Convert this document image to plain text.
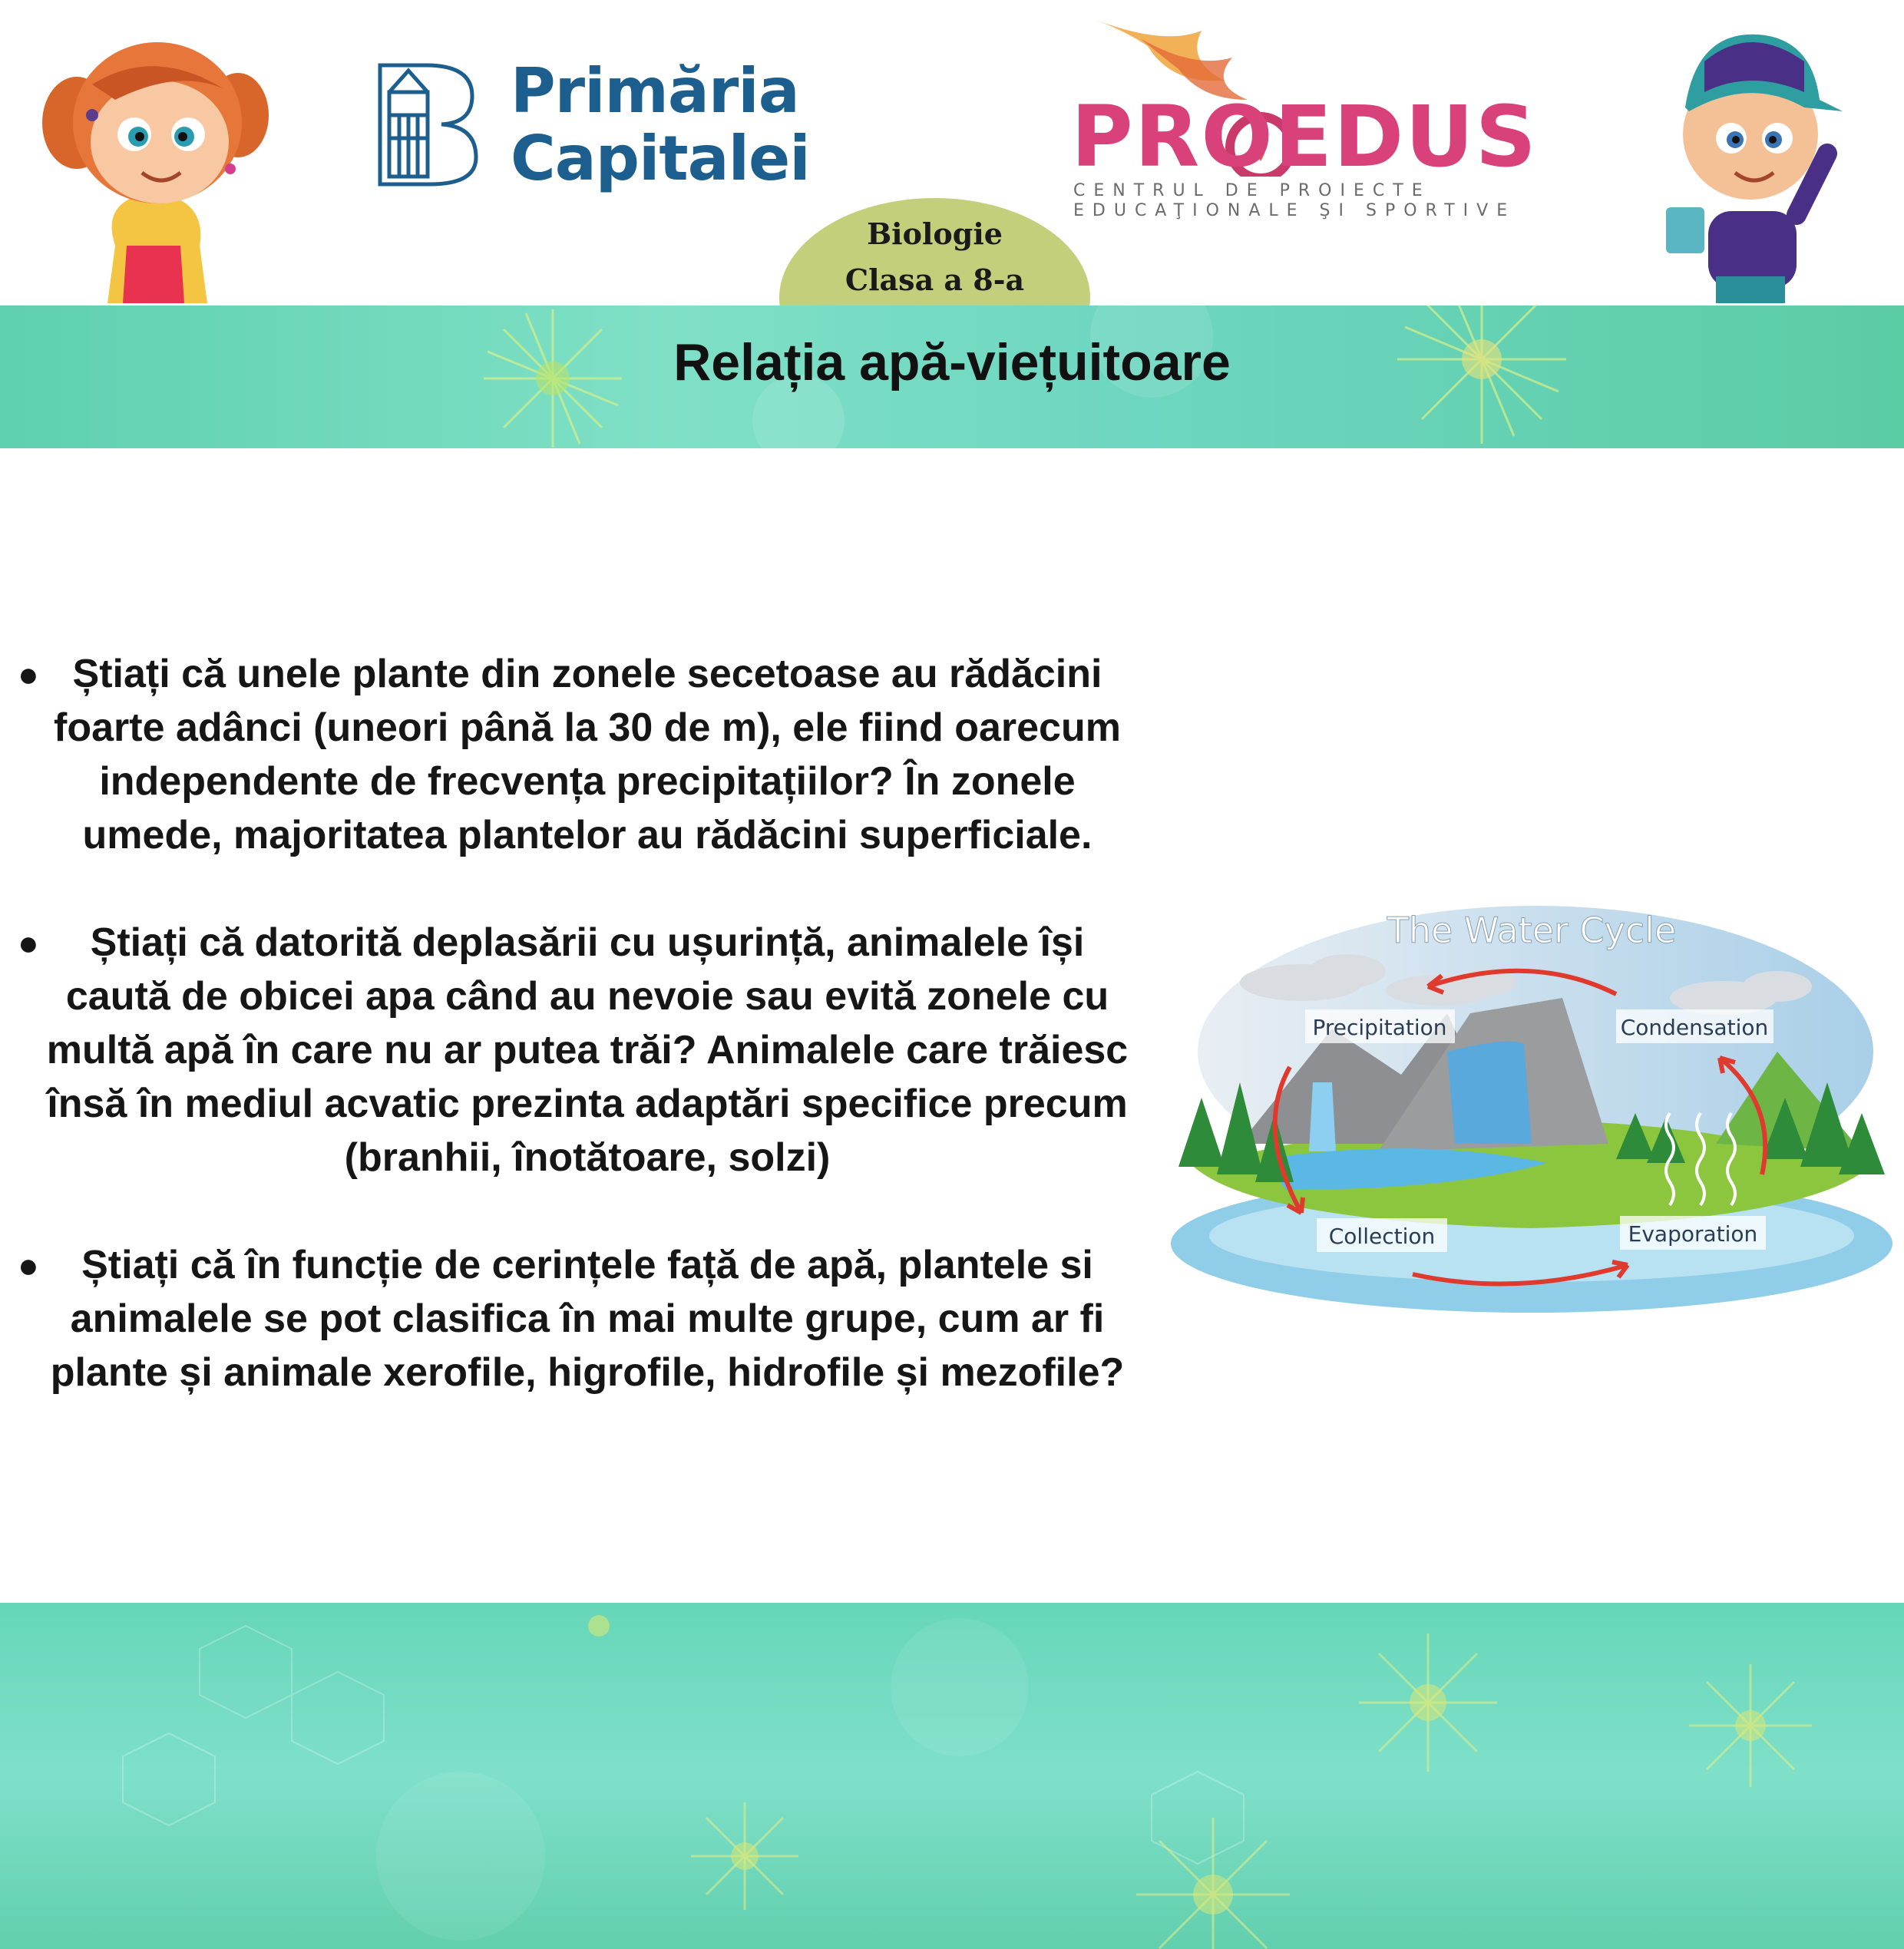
Primăria
Capitalei	PROEDUS
CENTRUL DE PROIECTE
EDUCAŢIONALE ŞI SPORTIVE
Biologie
Clasa a 8-a
Relația apă-viețuitoare
● Știați că unele plante din zonele secetoase au rădăcini
foarte adânci (uneori până la 30 de m), ele fiind oarecum
independente de frecvența precipitațiilor? În zonele
umede, majoritatea plantelor au rădăcini superficiale.
●	Știați că datorită deplasării cu ușurință, animalele își
caută de obicei apa când au nevoie sau evită zonele cu
multă apă în care nu ar putea trăi? Animalele care trăiesc
însă în mediul acvatic prezinta adaptări specifice precum
(branhii, înotătoare, solzi)
●	Știați că în funcție de cerințele față de apă, plantele si
animalele se pot clasifica în mai multe grupe, cum ar fi
plante și animale xerofile, higrofile, hidrofile și mezofile?
The Water Cycle
Precipitation	Condensation
Collection	Evaporation
